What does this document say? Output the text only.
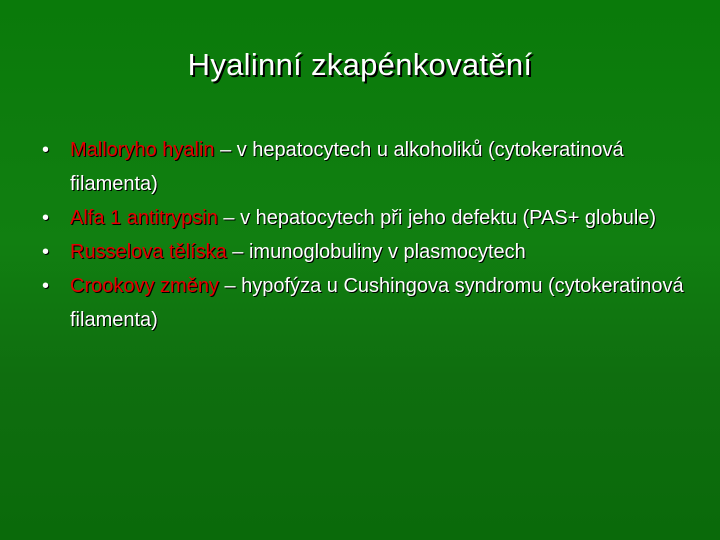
Hyalinní zkapénkovatění
•	Malloryho hyalin – v hepatocytech u alkoholiků (cytokeratinová filamenta)
•	Alfa 1 antitrypsin – v hepatocytech při jeho defektu (PAS+ globule)
•	Russelova tělíska – imunoglobuliny v plasmocytech
•	Crookovy změny – hypofýza u Cushingova syndromu (cytokeratinová filamenta)
